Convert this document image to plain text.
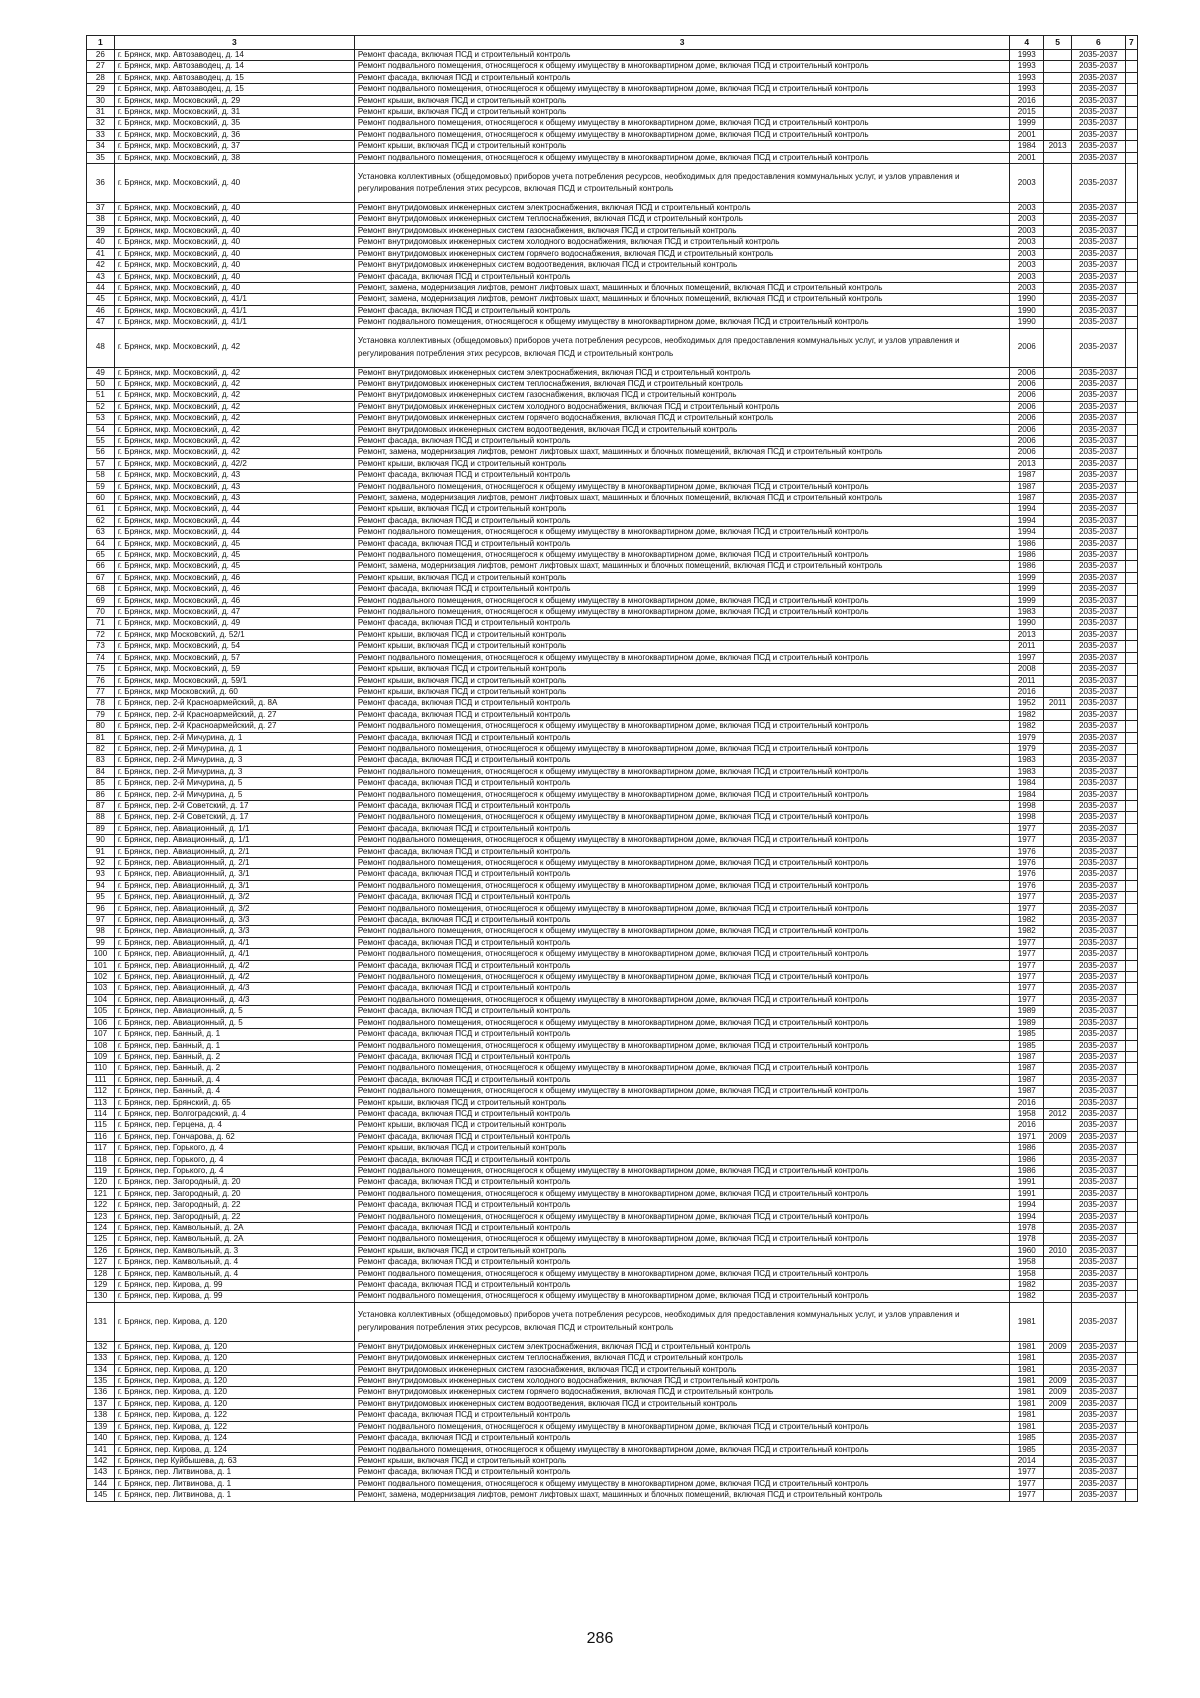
1	3	3	4	5	6	7
26	г. Брянск, мкр. Автозаводец, д. 14	Ремонт фасада, включая ПСД и строительный контроль	1993		2035-2037	
27	г. Брянск, мкр. Автозаводец, д. 14	Ремонт подвального помещения, относящегося к общему имуществу в многоквартирном доме, включая ПСД и строительный контроль	1993		2035-2037	
28	г. Брянск, мкр. Автозаводец, д. 15	Ремонт фасада, включая ПСД и строительный контроль	1993		2035-2037	
29	г. Брянск, мкр. Автозаводец, д. 15	Ремонт подвального помещения, относящегося к общему имуществу в многоквартирном доме, включая ПСД и строительный контроль	1993		2035-2037	
30	г. Брянск, мкр. Московский, д. 29	Ремонт крыши, включая ПСД и строительный контроль	2016		2035-2037	
31	г. Брянск, мкр. Московский, д. 31	Ремонт крыши, включая ПСД и строительный контроль	2015		2035-2037	
32	г. Брянск, мкр. Московский, д. 35	Ремонт подвального помещения, относящегося к общему имуществу в многоквартирном доме, включая ПСД и строительный контроль	1999		2035-2037	
33	г. Брянск, мкр. Московский, д. 36	Ремонт подвального помещения, относящегося к общему имуществу в многоквартирном доме, включая ПСД и строительный контроль	2001		2035-2037	
34	г. Брянск, мкр. Московский, д. 37	Ремонт крыши, включая ПСД и строительный контроль	1984	2013	2035-2037	
35	г. Брянск, мкр. Московский, д. 38	Ремонт подвального помещения, относящегося к общему имуществу в многоквартирном доме, включая ПСД и строительный контроль	2001		2035-2037	
36	г. Брянск, мкр. Московский, д. 40	Установка коллективных (общедомовых) приборов учета потребления ресурсов, необходимых для предоставления коммунальных услуг, и узлов управления и регулирования потребления этих ресурсов, включая ПСД и строительный контроль	2003		2035-2037	
37	г. Брянск, мкр. Московский, д. 40	Ремонт внутридомовых инженерных систем электроснабжения, включая ПСД и строительный контроль	2003		2035-2037	
38	г. Брянск, мкр. Московский, д. 40	Ремонт внутридомовых инженерных систем теплоснабжения, включая ПСД и строительный контроль	2003		2035-2037	
39	г. Брянск, мкр. Московский, д. 40	Ремонт внутридомовых инженерных систем газоснабжения, включая ПСД и строительный контроль	2003		2035-2037	
40	г. Брянск, мкр. Московский, д. 40	Ремонт внутридомовых инженерных систем холодного водоснабжения, включая ПСД и строительный контроль	2003		2035-2037	
41	г. Брянск, мкр. Московский, д. 40	Ремонт внутридомовых инженерных систем горячего водоснабжения, включая ПСД и строительный контроль	2003		2035-2037	
42	г. Брянск, мкр. Московский, д. 40	Ремонт внутридомовых инженерных систем водоотведения, включая ПСД и строительный контроль	2003		2035-2037	
43	г. Брянск, мкр. Московский, д. 40	Ремонт фасада, включая ПСД и строительный контроль	2003		2035-2037	
44	г. Брянск, мкр. Московский, д. 40	Ремонт, замена, модернизация лифтов, ремонт лифтовых шахт, машинных и блочных помещений, включая ПСД и строительный контроль	2003		2035-2037	
45	г. Брянск, мкр. Московский, д. 41/1	Ремонт, замена, модернизация лифтов, ремонт лифтовых шахт, машинных и блочных помещений, включая ПСД и строительный контроль	1990		2035-2037	
46	г. Брянск, мкр. Московский, д. 41/1	Ремонт фасада, включая ПСД и строительный контроль	1990		2035-2037	
47	г. Брянск, мкр. Московский, д. 41/1	Ремонт подвального помещения, относящегося к общему имуществу в многоквартирном доме, включая ПСД и строительный контроль	1990		2035-2037	
48	г. Брянск, мкр. Московский, д. 42	Установка коллективных (общедомовых) приборов учета потребления ресурсов, необходимых для предоставления коммунальных услуг, и узлов управления и регулирования потребления этих ресурсов, включая ПСД и строительный контроль	2006		2035-2037	
49	г. Брянск, мкр. Московский, д. 42	Ремонт внутридомовых инженерных систем электроснабжения, включая ПСД и строительный контроль	2006		2035-2037	
50	г. Брянск, мкр. Московский, д. 42	Ремонт внутридомовых инженерных систем теплоснабжения, включая ПСД и строительный контроль	2006		2035-2037	
51	г. Брянск, мкр. Московский, д. 42	Ремонт внутридомовых инженерных систем газоснабжения, включая ПСД и строительный контроль	2006		2035-2037	
52	г. Брянск, мкр. Московский, д. 42	Ремонт внутридомовых инженерных систем холодного водоснабжения, включая ПСД и строительный контроль	2006		2035-2037	
53	г. Брянск, мкр. Московский, д. 42	Ремонт внутридомовых инженерных систем горячего водоснабжения, включая ПСД и строительный контроль	2006		2035-2037	
54	г. Брянск, мкр. Московский, д. 42	Ремонт внутридомовых инженерных систем водоотведения, включая ПСД и строительный контроль	2006		2035-2037	
55	г. Брянск, мкр. Московский, д. 42	Ремонт фасада, включая ПСД и строительный контроль	2006		2035-2037	
56	г. Брянск, мкр. Московский, д. 42	Ремонт, замена, модернизация лифтов, ремонт лифтовых шахт, машинных и блочных помещений, включая ПСД и строительный контроль	2006		2035-2037	
57	г. Брянск, мкр. Московский, д. 42/2	Ремонт крыши, включая ПСД и строительный контроль	2013		2035-2037	
58	г. Брянск, мкр. Московский, д. 43	Ремонт фасада, включая ПСД и строительный контроль	1987		2035-2037	
59	г. Брянск, мкр. Московский, д. 43	Ремонт подвального помещения, относящегося к общему имуществу в многоквартирном доме, включая ПСД и строительный контроль	1987		2035-2037	
60	г. Брянск, мкр. Московский, д. 43	Ремонт, замена, модернизация лифтов, ремонт лифтовых шахт, машинных и блочных помещений, включая ПСД и строительный контроль	1987		2035-2037	
61	г. Брянск, мкр. Московский, д. 44	Ремонт крыши, включая ПСД и строительный контроль	1994		2035-2037	
62	г. Брянск, мкр. Московский, д. 44	Ремонт фасада, включая ПСД и строительный контроль	1994		2035-2037	
63	г. Брянск, мкр. Московский, д. 44	Ремонт подвального помещения, относящегося к общему имуществу в многоквартирном доме, включая ПСД и строительный контроль	1994		2035-2037	
64	г. Брянск, мкр. Московский, д. 45	Ремонт фасада, включая ПСД и строительный контроль	1986		2035-2037	
65	г. Брянск, мкр. Московский, д. 45	Ремонт подвального помещения, относящегося к общему имуществу в многоквартирном доме, включая ПСД и строительный контроль	1986		2035-2037	
66	г. Брянск, мкр. Московский, д. 45	Ремонт, замена, модернизация лифтов, ремонт лифтовых шахт, машинных и блочных помещений, включая ПСД и строительный контроль	1986		2035-2037	
67	г. Брянск, мкр. Московский, д. 46	Ремонт крыши, включая ПСД и строительный контроль	1999		2035-2037	
68	г. Брянск, мкр. Московский, д. 46	Ремонт фасада, включая ПСД и строительный контроль	1999		2035-2037	
69	г. Брянск, мкр. Московский, д. 46	Ремонт подвального помещения, относящегося к общему имуществу в многоквартирном доме, включая ПСД и строительный контроль	1999		2035-2037	
70	г. Брянск, мкр. Московский, д. 47	Ремонт подвального помещения, относящегося к общему имуществу в многоквартирном доме, включая ПСД и строительный контроль	1983		2035-2037	
71	г. Брянск, мкр. Московский, д. 49	Ремонт фасада, включая ПСД и строительный контроль	1990		2035-2037	
72	г. Брянск, мкр Московский, д. 52/1	Ремонт крыши, включая ПСД и строительный контроль	2013		2035-2037	
73	г. Брянск, мкр. Московский, д. 54	Ремонт крыши, включая ПСД и строительный контроль	2011		2035-2037	
74	г. Брянск, мкр. Московский, д. 57	Ремонт подвального помещения, относящегося к общему имуществу в многоквартирном доме, включая ПСД и строительный контроль	1997		2035-2037	
75	г. Брянск, мкр. Московский, д. 59	Ремонт крыши, включая ПСД и строительный контроль	2008		2035-2037	
76	г. Брянск, мкр. Московский, д. 59/1	Ремонт крыши, включая ПСД и строительный контроль	2011		2035-2037	
77	г. Брянск, мкр Московский, д. 60	Ремонт крыши, включая ПСД и строительный контроль	2016		2035-2037	
78	г. Брянск, пер. 2-й Красноармейский, д. 8А	Ремонт фасада, включая ПСД и строительный контроль	1952	2011	2035-2037	
79	г. Брянск, пер. 2-й Красноармейский, д. 27	Ремонт фасада, включая ПСД и строительный контроль	1982		2035-2037	
80	г. Брянск, пер. 2-й Красноармейский, д. 27	Ремонт подвального помещения, относящегося к общему имуществу в многоквартирном доме, включая ПСД и строительный контроль	1982		2035-2037	
81	г. Брянск, пер. 2-й Мичурина, д. 1	Ремонт фасада, включая ПСД и строительный контроль	1979		2035-2037	
82	г. Брянск, пер. 2-й Мичурина, д. 1	Ремонт подвального помещения, относящегося к общему имуществу в многоквартирном доме, включая ПСД и строительный контроль	1979		2035-2037	
83	г. Брянск, пер. 2-й Мичурина, д. 3	Ремонт фасада, включая ПСД и строительный контроль	1983		2035-2037	
84	г. Брянск, пер. 2-й Мичурина, д. 3	Ремонт подвального помещения, относящегося к общему имуществу в многоквартирном доме, включая ПСД и строительный контроль	1983		2035-2037	
85	г. Брянск, пер. 2-й Мичурина, д. 5	Ремонт фасада, включая ПСД и строительный контроль	1984		2035-2037	
86	г. Брянск, пер. 2-й Мичурина, д. 5	Ремонт подвального помещения, относящегося к общему имуществу в многоквартирном доме, включая ПСД и строительный контроль	1984		2035-2037	
87	г. Брянск, пер. 2-й Советский, д. 17	Ремонт фасада, включая ПСД и строительный контроль	1998		2035-2037	
88	г. Брянск, пер. 2-й Советский, д. 17	Ремонт подвального помещения, относящегося к общему имуществу в многоквартирном доме, включая ПСД и строительный контроль	1998		2035-2037	
89	г. Брянск, пер. Авиационный, д. 1/1	Ремонт фасада, включая ПСД и строительный контроль	1977		2035-2037	
90	г. Брянск, пер. Авиационный, д. 1/1	Ремонт подвального помещения, относящегося к общему имуществу в многоквартирном доме, включая ПСД и строительный контроль	1977		2035-2037	
91	г. Брянск, пер. Авиационный, д. 2/1	Ремонт фасада, включая ПСД и строительный контроль	1976		2035-2037	
92	г. Брянск, пер. Авиационный, д. 2/1	Ремонт подвального помещения, относящегося к общему имуществу в многоквартирном доме, включая ПСД и строительный контроль	1976		2035-2037	
93	г. Брянск, пер. Авиационный, д. 3/1	Ремонт фасада, включая ПСД и строительный контроль	1976		2035-2037	
94	г. Брянск, пер. Авиационный, д. 3/1	Ремонт подвального помещения, относящегося к общему имуществу в многоквартирном доме, включая ПСД и строительный контроль	1976		2035-2037	
95	г. Брянск, пер. Авиационный, д. 3/2	Ремонт фасада, включая ПСД и строительный контроль	1977		2035-2037	
96	г. Брянск, пер. Авиационный, д. 3/2	Ремонт подвального помещения, относящегося к общему имуществу в многоквартирном доме, включая ПСД и строительный контроль	1977		2035-2037	
97	г. Брянск, пер. Авиационный, д. 3/3	Ремонт фасада, включая ПСД и строительный контроль	1982		2035-2037	
98	г. Брянск, пер. Авиационный, д. 3/3	Ремонт подвального помещения, относящегося к общему имуществу в многоквартирном доме, включая ПСД и строительный контроль	1982		2035-2037	
99	г. Брянск, пер. Авиационный, д. 4/1	Ремонт фасада, включая ПСД и строительный контроль	1977		2035-2037	
100	г. Брянск, пер. Авиационный, д. 4/1	Ремонт подвального помещения, относящегося к общему имуществу в многоквартирном доме, включая ПСД и строительный контроль	1977		2035-2037	
101	г. Брянск, пер. Авиационный, д. 4/2	Ремонт фасада, включая ПСД и строительный контроль	1977		2035-2037	
102	г. Брянск, пер. Авиационный, д. 4/2	Ремонт подвального помещения, относящегося к общему имуществу в многоквартирном доме, включая ПСД и строительный контроль	1977		2035-2037	
103	г. Брянск, пер. Авиационный, д. 4/3	Ремонт фасада, включая ПСД и строительный контроль	1977		2035-2037	
104	г. Брянск, пер. Авиационный, д. 4/3	Ремонт подвального помещения, относящегося к общему имуществу в многоквартирном доме, включая ПСД и строительный контроль	1977		2035-2037	
105	г. Брянск, пер. Авиационный, д. 5	Ремонт фасада, включая ПСД и строительный контроль	1989		2035-2037	
106	г. Брянск, пер. Авиационный, д. 5	Ремонт подвального помещения, относящегося к общему имуществу в многоквартирном доме, включая ПСД и строительный контроль	1989		2035-2037	
107	г. Брянск, пер. Банный, д. 1	Ремонт фасада, включая ПСД и строительный контроль	1985		2035-2037	
108	г. Брянск, пер. Банный, д. 1	Ремонт подвального помещения, относящегося к общему имуществу в многоквартирном доме, включая ПСД и строительный контроль	1985		2035-2037	
109	г. Брянск, пер. Банный, д. 2	Ремонт фасада, включая ПСД и строительный контроль	1987		2035-2037	
110	г. Брянск, пер. Банный, д. 2	Ремонт подвального помещения, относящегося к общему имуществу в многоквартирном доме, включая ПСД и строительный контроль	1987		2035-2037	
111	г. Брянск, пер. Банный, д. 4	Ремонт фасада, включая ПСД и строительный контроль	1987		2035-2037	
112	г. Брянск, пер. Банный, д. 4	Ремонт подвального помещения, относящегося к общему имуществу в многоквартирном доме, включая ПСД и строительный контроль	1987		2035-2037	
113	г. Брянск, пер. Брянский, д. 65	Ремонт крыши, включая ПСД и строительный контроль	2016		2035-2037	
114	г. Брянск, пер. Волгоградский, д. 4	Ремонт фасада, включая ПСД и строительный контроль	1958	2012	2035-2037	
115	г. Брянск, пер. Герцена, д. 4	Ремонт крыши, включая ПСД и строительный контроль	2016		2035-2037	
116	г. Брянск, пер. Гончарова, д. 62	Ремонт фасада, включая ПСД и строительный контроль	1971	2009	2035-2037	
117	г. Брянск, пер. Горького, д. 4	Ремонт крыши, включая ПСД и строительный контроль	1986		2035-2037	
118	г. Брянск, пер. Горького, д. 4	Ремонт фасада, включая ПСД и строительный контроль	1986		2035-2037	
119	г. Брянск, пер. Горького, д. 4	Ремонт подвального помещения, относящегося к общему имуществу в многоквартирном доме, включая ПСД и строительный контроль	1986		2035-2037	
120	г. Брянск, пер. Загородный, д. 20	Ремонт фасада, включая ПСД и строительный контроль	1991		2035-2037	
121	г. Брянск, пер. Загородный, д. 20	Ремонт подвального помещения, относящегося к общему имуществу в многоквартирном доме, включая ПСД и строительный контроль	1991		2035-2037	
122	г. Брянск, пер. Загородный, д. 22	Ремонт фасада, включая ПСД и строительный контроль	1994		2035-2037	
123	г. Брянск, пер. Загородный, д. 22	Ремонт подвального помещения, относящегося к общему имуществу в многоквартирном доме, включая ПСД и строительный контроль	1994		2035-2037	
124	г. Брянск, пер. Камвольный, д. 2А	Ремонт фасада, включая ПСД и строительный контроль	1978		2035-2037	
125	г. Брянск, пер. Камвольный, д. 2А	Ремонт подвального помещения, относящегося к общему имуществу в многоквартирном доме, включая ПСД и строительный контроль	1978		2035-2037	
126	г. Брянск, пер. Камвольный, д. 3	Ремонт крыши, включая ПСД и строительный контроль	1960	2010	2035-2037	
127	г. Брянск, пер. Камвольный, д. 4	Ремонт фасада, включая ПСД и строительный контроль	1958		2035-2037	
128	г. Брянск, пер. Камвольный, д. 4	Ремонт подвального помещения, относящегося к общему имуществу в многоквартирном доме, включая ПСД и строительный контроль	1958		2035-2037	
129	г. Брянск, пер. Кирова, д. 99	Ремонт фасада, включая ПСД и строительный контроль	1982		2035-2037	
130	г. Брянск, пер. Кирова, д. 99	Ремонт подвального помещения, относящегося к общему имуществу в многоквартирном доме, включая ПСД и строительный контроль	1982		2035-2037	
131	г. Брянск, пер. Кирова, д. 120	Установка коллективных (общедомовых) приборов учета потребления ресурсов, необходимых для предоставления коммунальных услуг, и узлов управления и регулирования потребления этих ресурсов, включая ПСД и строительный контроль	1981		2035-2037	
132	г. Брянск, пер. Кирова, д. 120	Ремонт внутридомовых инженерных систем электроснабжения, включая ПСД и строительный контроль	1981	2009	2035-2037	
133	г. Брянск, пер. Кирова, д. 120	Ремонт внутридомовых инженерных систем теплоснабжения, включая ПСД и строительный контроль	1981		2035-2037	
134	г. Брянск, пер. Кирова, д. 120	Ремонт внутридомовых инженерных систем газоснабжения, включая ПСД и строительный контроль	1981		2035-2037	
135	г. Брянск, пер. Кирова, д. 120	Ремонт внутридомовых инженерных систем холодного водоснабжения, включая ПСД и строительный контроль	1981	2009	2035-2037	
136	г. Брянск, пер. Кирова, д. 120	Ремонт внутридомовых инженерных систем горячего водоснабжения, включая ПСД и строительный контроль	1981	2009	2035-2037	
137	г. Брянск, пер. Кирова, д. 120	Ремонт внутридомовых инженерных систем водоотведения, включая ПСД и строительный контроль	1981	2009	2035-2037	
138	г. Брянск, пер. Кирова, д. 122	Ремонт фасада, включая ПСД и строительный контроль	1981		2035-2037	
139	г. Брянск, пер. Кирова, д. 122	Ремонт подвального помещения, относящегося к общему имуществу в многоквартирном доме, включая ПСД и строительный контроль	1981		2035-2037	
140	г. Брянск, пер. Кирова, д. 124	Ремонт фасада, включая ПСД и строительный контроль	1985		2035-2037	
141	г. Брянск, пер. Кирова, д. 124	Ремонт подвального помещения, относящегося к общему имуществу в многоквартирном доме, включая ПСД и строительный контроль	1985		2035-2037	
142	г. Брянск, пер Куйбышева, д. 63	Ремонт крыши, включая ПСД и строительный контроль	2014		2035-2037	
143	г. Брянск, пер. Литвинова, д. 1	Ремонт фасада, включая ПСД и строительный контроль	1977		2035-2037	
144	г. Брянск, пер. Литвинова, д. 1	Ремонт подвального помещения, относящегося к общему имуществу в многоквартирном доме, включая ПСД и строительный контроль	1977		2035-2037	
145	г. Брянск, пер. Литвинова, д. 1	Ремонт, замена, модернизация лифтов, ремонт лифтовых шахт, машинных и блочных помещений, включая ПСД и строительный контроль	1977		2035-2037	
286
